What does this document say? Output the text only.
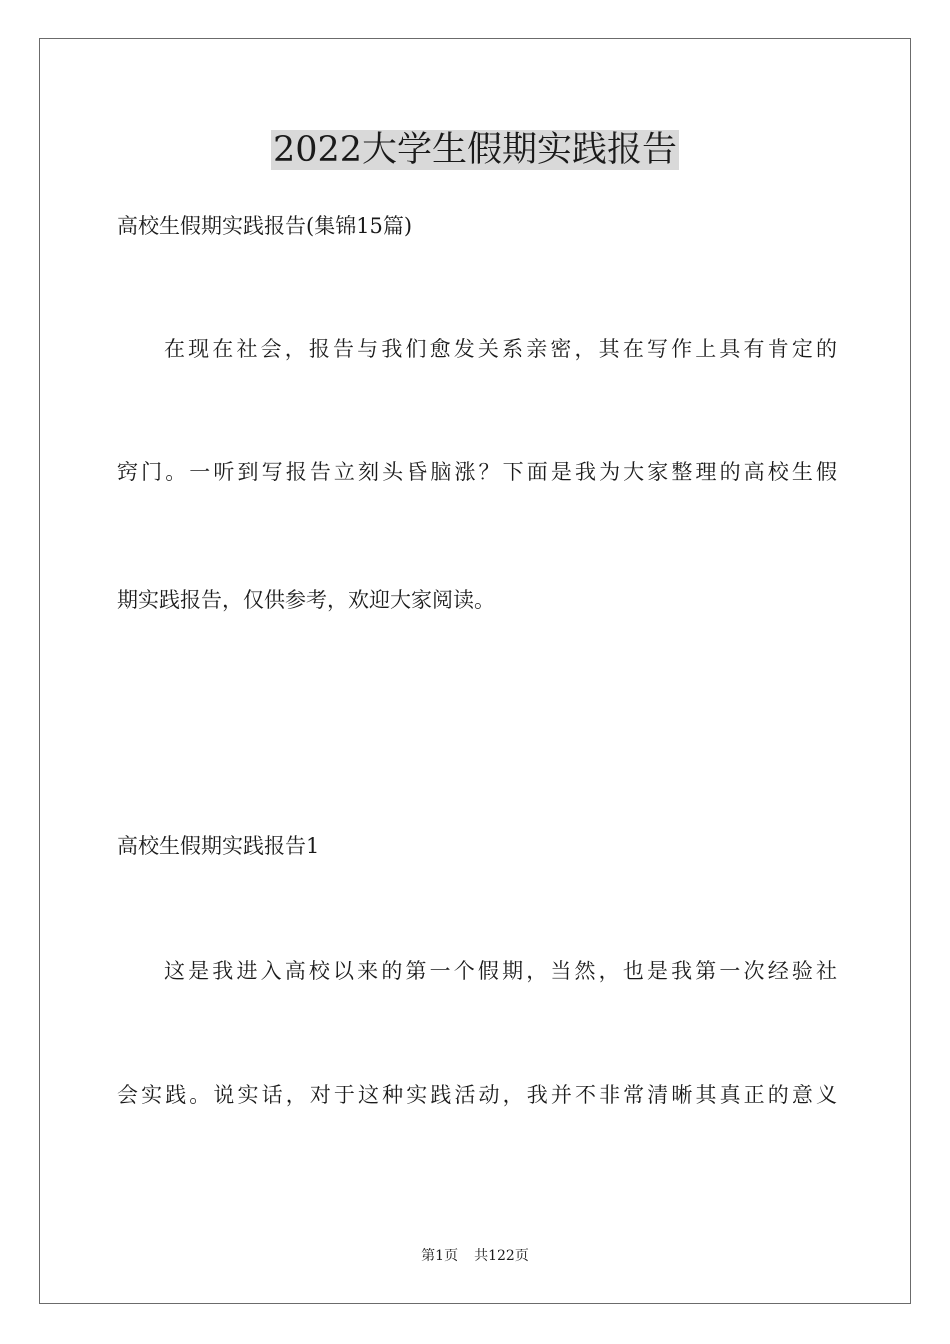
2022大学生假期实践报告

高校生假期实践报告(集锦15篇)

在现在社会，报告与我们愈发关系亲密，其在写作上具有肯定的

窍门。一听到写报告立刻头昏脑涨？下面是我为大家整理的高校生假

期实践报告，仅供参考，欢迎大家阅读。

高校生假期实践报告1

这是我进入高校以来的第一个假期，当然，也是我第一次经验社

会实践。说实话，对于这种实践活动，我并不非常清晰其真正的意义

第1页 共122页
